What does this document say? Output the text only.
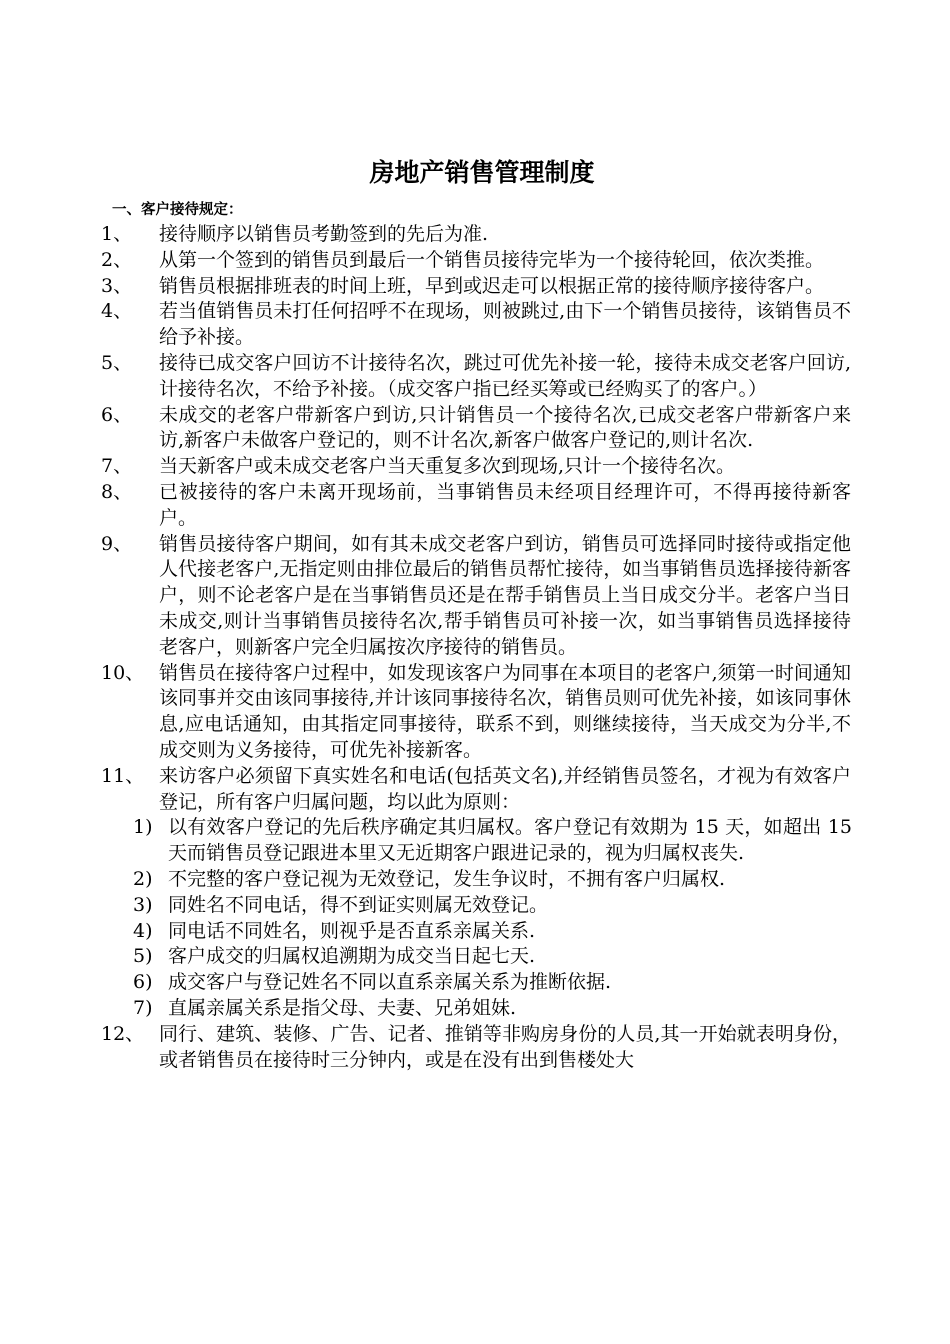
房地产销售管理制度
一、客户接待规定：
1、 接待顺序以销售员考勤签到的先后为准.
2、 从第一个签到的销售员到最后一个销售员接待完毕为一个接待轮回，依次类推。
3、 销售员根据排班表的时间上班，早到或迟走可以根据正常的接待顺序接待客户。
4、 若当值销售员未打任何招呼不在现场，则被跳过,由下一个销售员接待，该销售员不给予补接。
5、 接待已成交客户回访不计接待名次，跳过可优先补接一轮，接待未成交老客户回访,计接待名次，不给予补接。（成交客户指已经买筹或已经购买了的客户。）
6、 未成交的老客户带新客户到访,只计销售员一个接待名次,已成交老客户带新客户来访,新客户未做客户登记的，则不计名次,新客户做客户登记的,则计名次.
7、 当天新客户或未成交老客户当天重复多次到现场,只计一个接待名次。
8、 已被接待的客户未离开现场前，当事销售员未经项目经理许可，不得再接待新客户。
9、 销售员接待客户期间，如有其未成交老客户到访，销售员可选择同时接待或指定他人代接老客户,无指定则由排位最后的销售员帮忙接待，如当事销售员选择接待新客户，则不论老客户是在当事销售员还是在帮手销售员上当日成交分半。老客户当日未成交,则计当事销售员接待名次,帮手销售员可补接一次，如当事销售员选择接待老客户，则新客户完全归属按次序接待的销售员。
10、 销售员在接待客户过程中，如发现该客户为同事在本项目的老客户,须第一时间通知该同事并交由该同事接待,并计该同事接待名次，销售员则可优先补接，如该同事休息,应电话通知，由其指定同事接待，联系不到，则继续接待，当天成交为分半,不成交则为义务接待，可优先补接新客。
11、 来访客户必须留下真实姓名和电话(包括英文名),并经销售员签名，才视为有效客户登记，所有客户归属问题，均以此为原则：
1) 以有效客户登记的先后秩序确定其归属权。客户登记有效期为 15 天，如超出 15 天而销售员登记跟进本里又无近期客户跟进记录的，视为归属权丧失.
2) 不完整的客户登记视为无效登记，发生争议时，不拥有客户归属权.
3) 同姓名不同电话，得不到证实则属无效登记。
4) 同电话不同姓名，则视乎是否直系亲属关系.
5) 客户成交的归属权追溯期为成交当日起七天.
6) 成交客户与登记姓名不同以直系亲属关系为推断依据.
7) 直属亲属关系是指父母、夫妻、兄弟姐妹.
12、 同行、建筑、装修、广告、记者、推销等非购房身份的人员,其一开始就表明身份，或者销售员在接待时三分钟内，或是在没有出到售楼处大
